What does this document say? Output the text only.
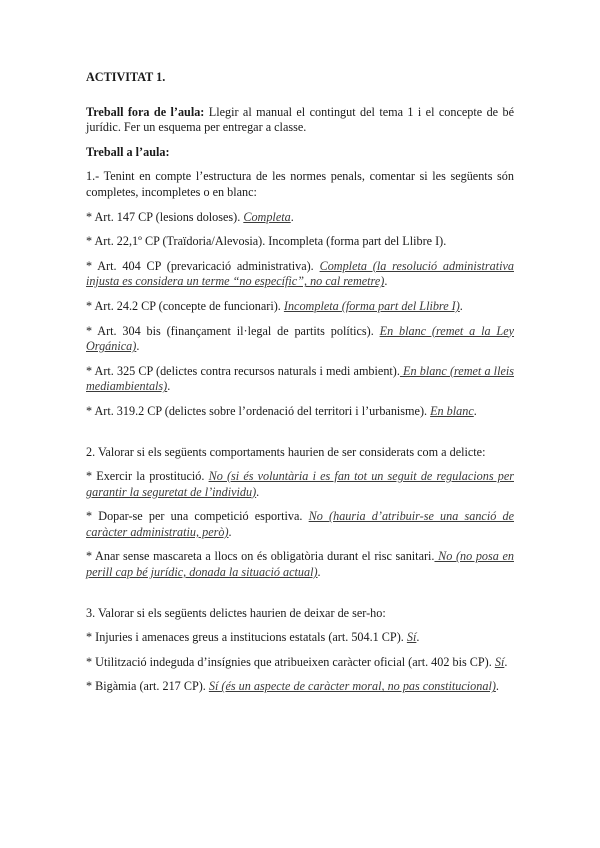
ACTIVITAT 1.

Treball fora de l’aula: Llegir al manual el contingut del tema 1 i el concepte de bé jurídic. Fer un esquema per entregar a classe.

Treball a l’aula:

1.- Tenint en compte l’estructura de les normes penals, comentar si les següents són completes, incompletes o en blanc:

* Art. 147 CP (lesions doloses). Completa.

* Art. 22,1º CP (Traïdoria/Alevosia). Incompleta (forma part del Llibre I).

* Art. 404 CP (prevaricació administrativa). Completa (la resolució administrativa injusta es considera un terme “no específic”, no cal remetre).

* Art. 24.2 CP (concepte de funcionari). Incompleta (forma part del Llibre I).

* Art. 304 bis (finançament il·legal de partits polítics). En blanc (remet a la Ley Orgánica).

* Art. 325 CP (delictes contra recursos naturals i medi ambient). En blanc (remet a lleis mediambientals).

* Art. 319.2 CP (delictes sobre l’ordenació del territori i l’urbanisme). En blanc.

2. Valorar si els següents comportaments haurien de ser considerats com a delicte:

* Exercir la prostitució. No (si és voluntària i es fan tot un seguit de regulacions per garantir la seguretat de l’individu).

* Dopar-se per una competició esportiva. No (hauria d’atribuir-se una sanció de caràcter administratiu, però).

* Anar sense mascareta a llocs on és obligatòria durant el risc sanitari. No (no posa en perill cap bé jurídic, donada la situació actual).

3. Valorar si els següents delictes haurien de deixar de ser-ho:

* Injuries i amenaces greus a institucions estatals (art. 504.1 CP). Sí.

* Utilització indeguda d’insígnies que atribueixen caràcter oficial (art. 402 bis CP). Sí.

* Bigàmia (art. 217 CP). Sí (és un aspecte de caràcter moral, no pas constitucional).
